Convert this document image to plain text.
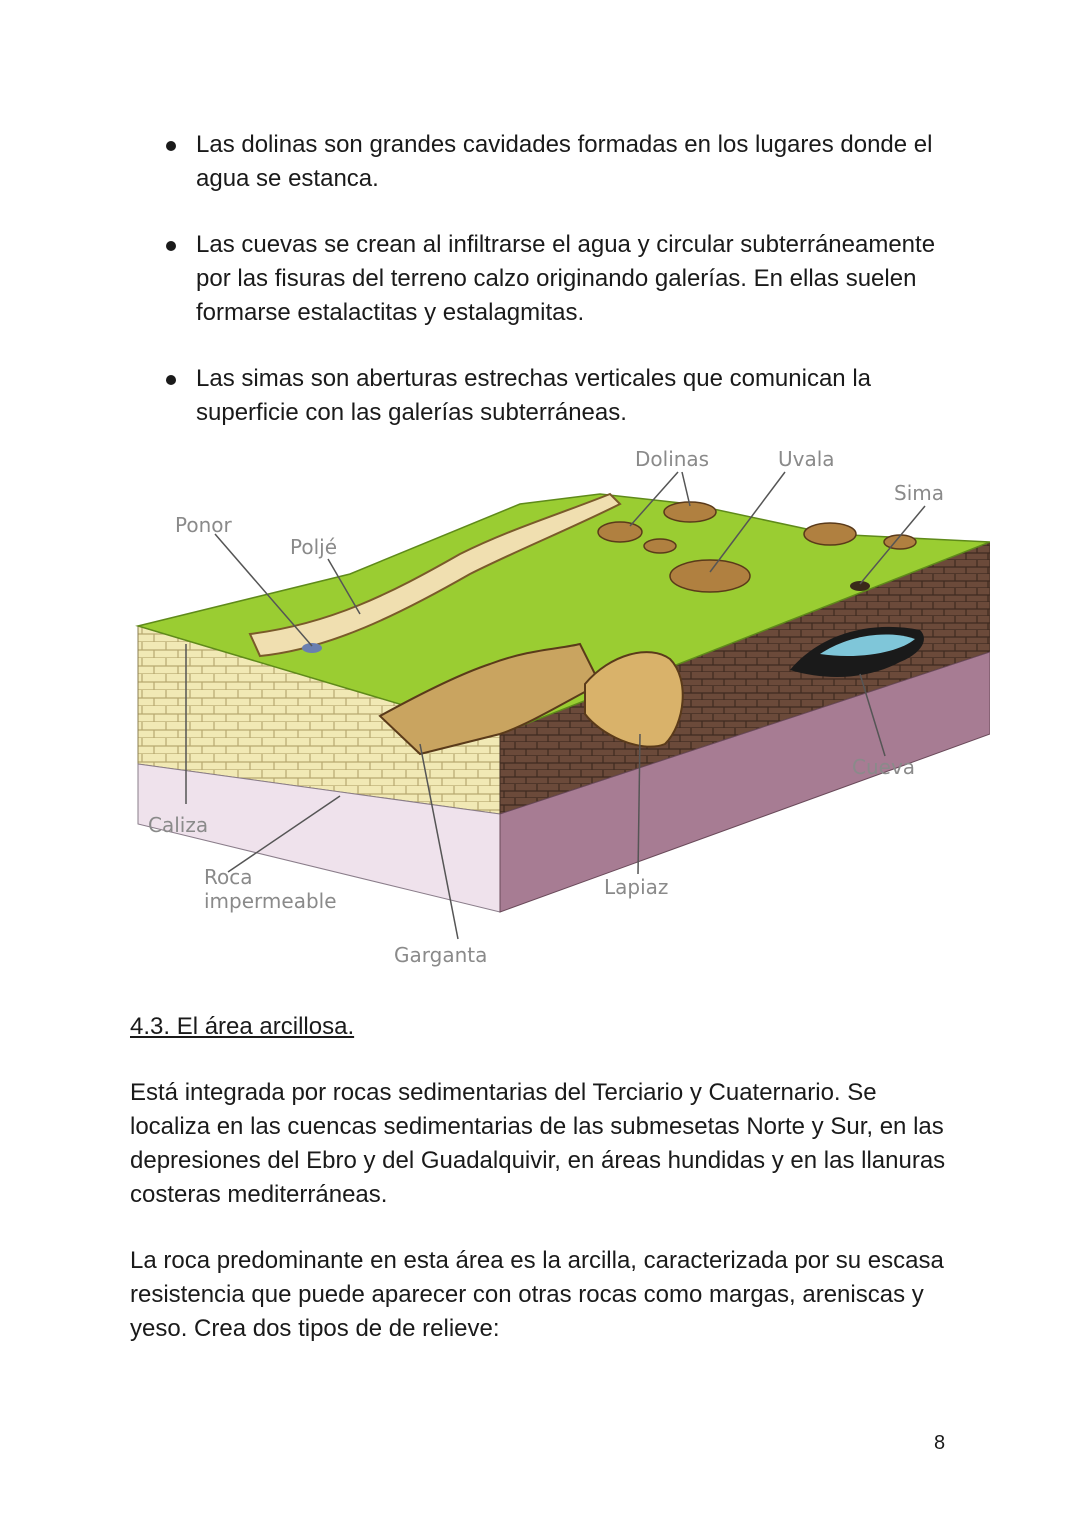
Las dolinas son grandes cavidades formadas en los lugares donde el agua se estanca.
Las cuevas se crean al infiltrarse el agua y circular subterráneamente por las fisuras del terreno calzo originando galerías. En ellas suelen formarse estalactitas y estalagmitas.
Las simas son aberturas estrechas verticales que comunican la superficie con las galerías subterráneas.
Dolinas	Uvala
Sima
Ponor
Poljé
Cueva
Caliza
Roca
impermeable
Lapiaz
Garganta
4.3. El área arcillosa.

Está integrada por rocas sedimentarias del Terciario y Cuaternario. Se localiza en las cuencas sedimentarias de las submesetas Norte y Sur, en las depresiones del Ebro y del Guadalquivir, en áreas hundidas y en las llanuras costeras mediterráneas.

La roca predominante en esta área es la arcilla, caracterizada por su escasa resistencia que puede aparecer con otras rocas como margas, areniscas y yeso. Crea dos tipos de de relieve:

8
